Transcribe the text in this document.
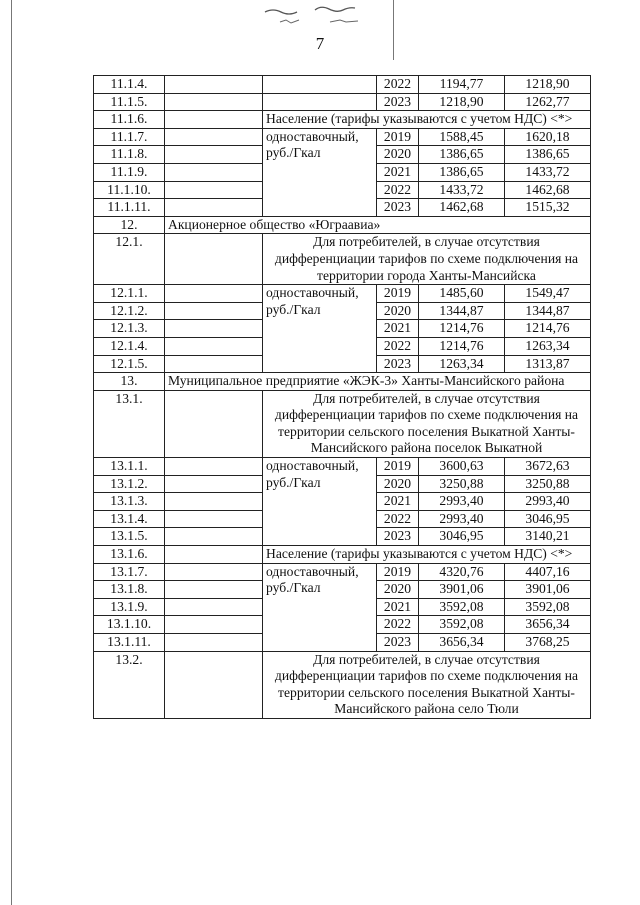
7
11.1.4.			2022	1194,77	1218,90
11.1.5.			2023	1218,90	1262,77
11.1.6.		Население (тарифы указываются с учетом НДС) <*>			
11.1.7.		одноставочный, руб./Гкал	2019	1588,45	1620,18
11.1.8.			2020	1386,65	1386,65
11.1.9.			2021	1386,65	1433,72
11.1.10.			2022	1433,72	1462,68
11.1.11.			2023	1462,68	1515,32
12.	Акционерное общество «Юграавиа»				
12.1.		Для потребителей, в случае отсутствия дифференциации тарифов по схеме подключения на территории города Ханты-Мансийска			
12.1.1.		одноставочный, руб./Гкал	2019	1485,60	1549,47
12.1.2.			2020	1344,87	1344,87
12.1.3.			2021	1214,76	1214,76
12.1.4.			2022	1214,76	1263,34
12.1.5.			2023	1263,34	1313,87
13.	Муниципальное предприятие «ЖЭК-3» Ханты-Мансийского района				
13.1.		Для потребителей, в случае отсутствия дифференциации тарифов по схеме подключения на территории сельского поселения Выкатной Ханты-Мансийского района поселок Выкатной			
13.1.1.		одноставочный, руб./Гкал	2019	3600,63	3672,63
13.1.2.			2020	3250,88	3250,88
13.1.3.			2021	2993,40	2993,40
13.1.4.			2022	2993,40	3046,95
13.1.5.			2023	3046,95	3140,21
13.1.6.		Население (тарифы указываются с учетом НДС) <*>			
13.1.7.		одноставочный, руб./Гкал	2019	4320,76	4407,16
13.1.8.			2020	3901,06	3901,06
13.1.9.			2021	3592,08	3592,08
13.1.10.			2022	3592,08	3656,34
13.1.11.			2023	3656,34	3768,25
13.2.		Для потребителей, в случае отсутствия дифференциации тарифов по схеме подключения на территории сельского поселения Выкатной Ханты-Мансийского района село Тюли			
